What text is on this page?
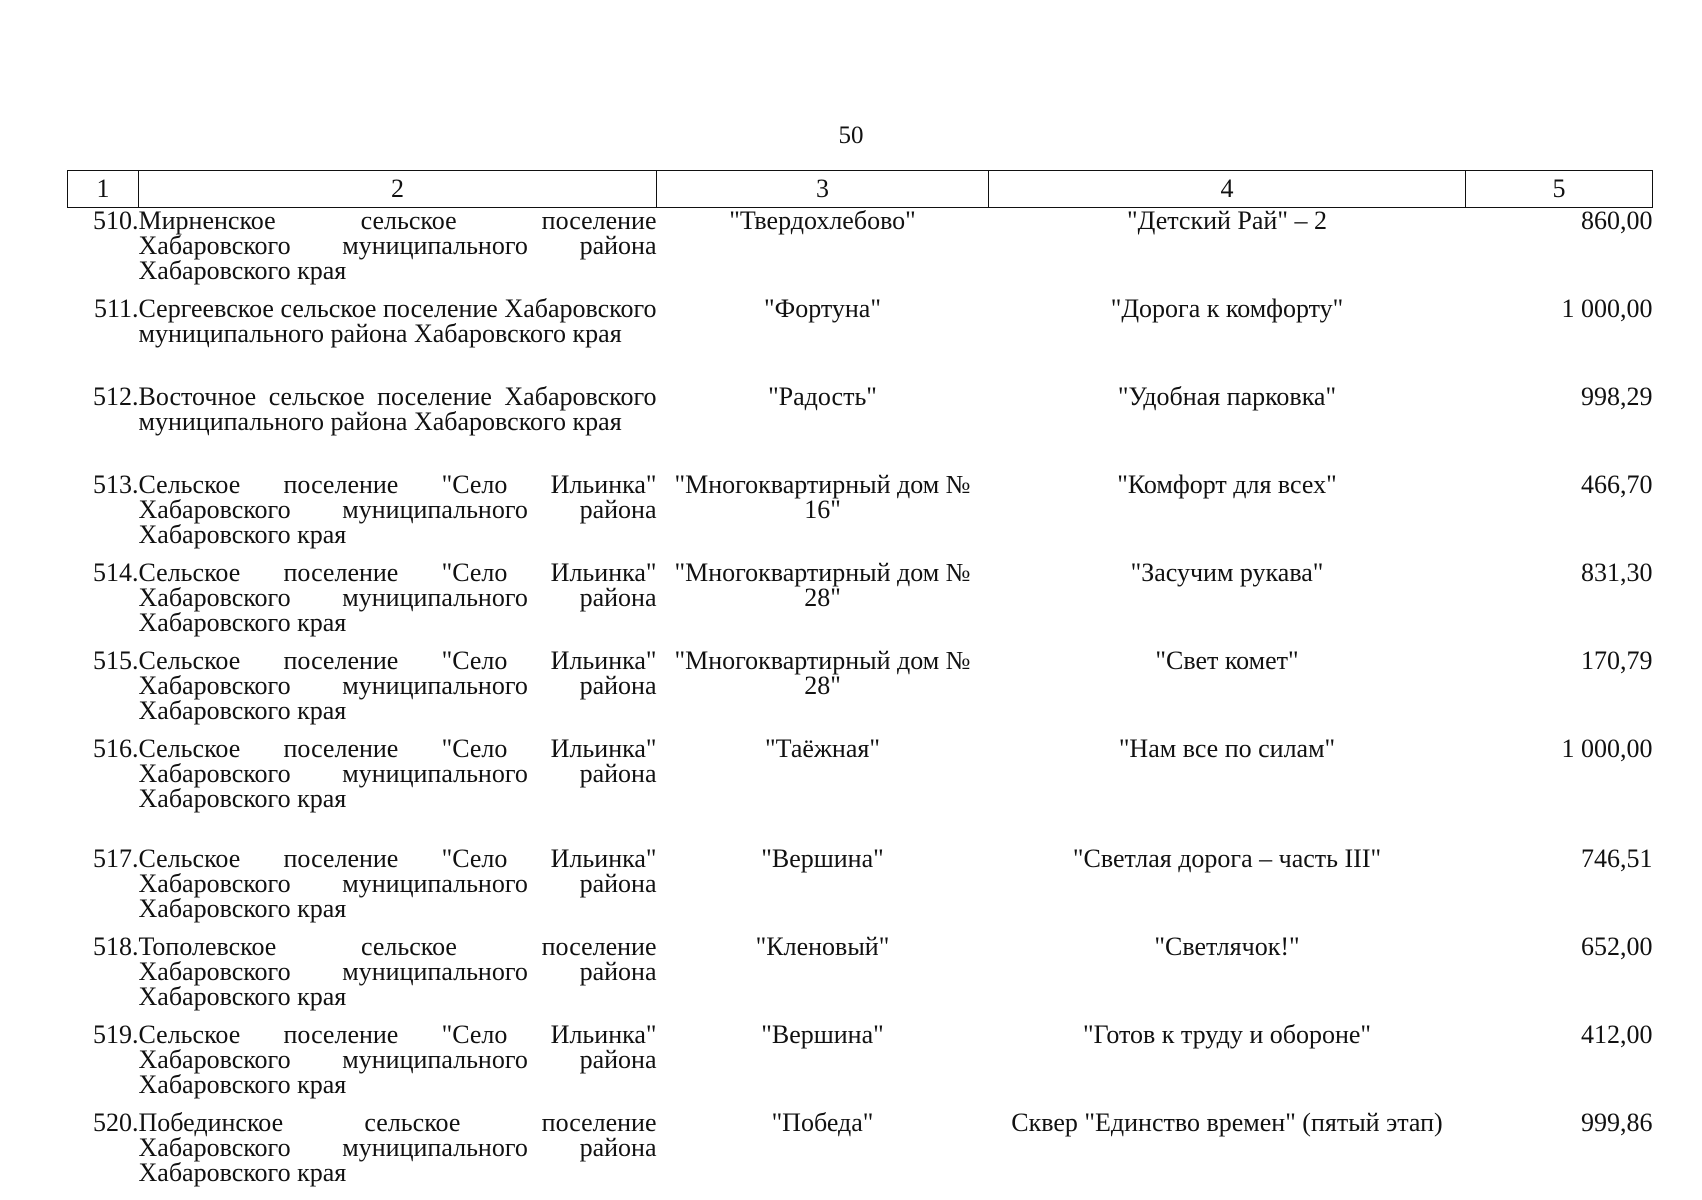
50
1	2	3	4	5
510.	Мирненское сельское поселение Хабаровского муниципального района Хабаровского края	"Твердохлебово"	"Детский Рай" – 2	860,00
511.	Сергеевское сельское поселение Хабаровского муниципального района Хабаровского края	"Фортуна"	"Дорога к комфорту"	1 000,00
512.	Восточное сельское поселение Хабаровского муниципального района Хабаровского края	"Радость"	"Удобная парковка"	998,29
513.	Сельское поселение "Село Ильинка" Хабаровского муниципального района Хабаровского края	"Многоквартирный дом № 16"	"Комфорт для всех"	466,70
514.	Сельское поселение "Село Ильинка" Хабаровского муниципального района Хабаровского края	"Многоквартирный дом № 28"	"Засучим рукава"	831,30
515.	Сельское поселение "Село Ильинка" Хабаровского муниципального района Хабаровского края	"Многоквартирный дом № 28"	"Свет комет"	170,79
516.	Сельское поселение "Село Ильинка" Хабаровского муниципального района Хабаровского края	"Таёжная"	"Нам все по силам"	1 000,00
517.	Сельское поселение "Село Ильинка" Хабаровского муниципального района Хабаровского края	"Вершина"	"Светлая дорога – часть III"	746,51
518.	Тополевское сельское поселение Хабаровского муниципального района Хабаровского края	"Кленовый"	"Светлячок!"	652,00
519.	Сельское поселение "Село Ильинка" Хабаровского муниципального района Хабаровского края	"Вершина"	"Готов к труду и обороне"	412,00
520.	Побединское сельское поселение Хабаровского муниципального района Хабаровского края	"Победа"	Сквер "Единство времен" (пятый этап)	999,86
